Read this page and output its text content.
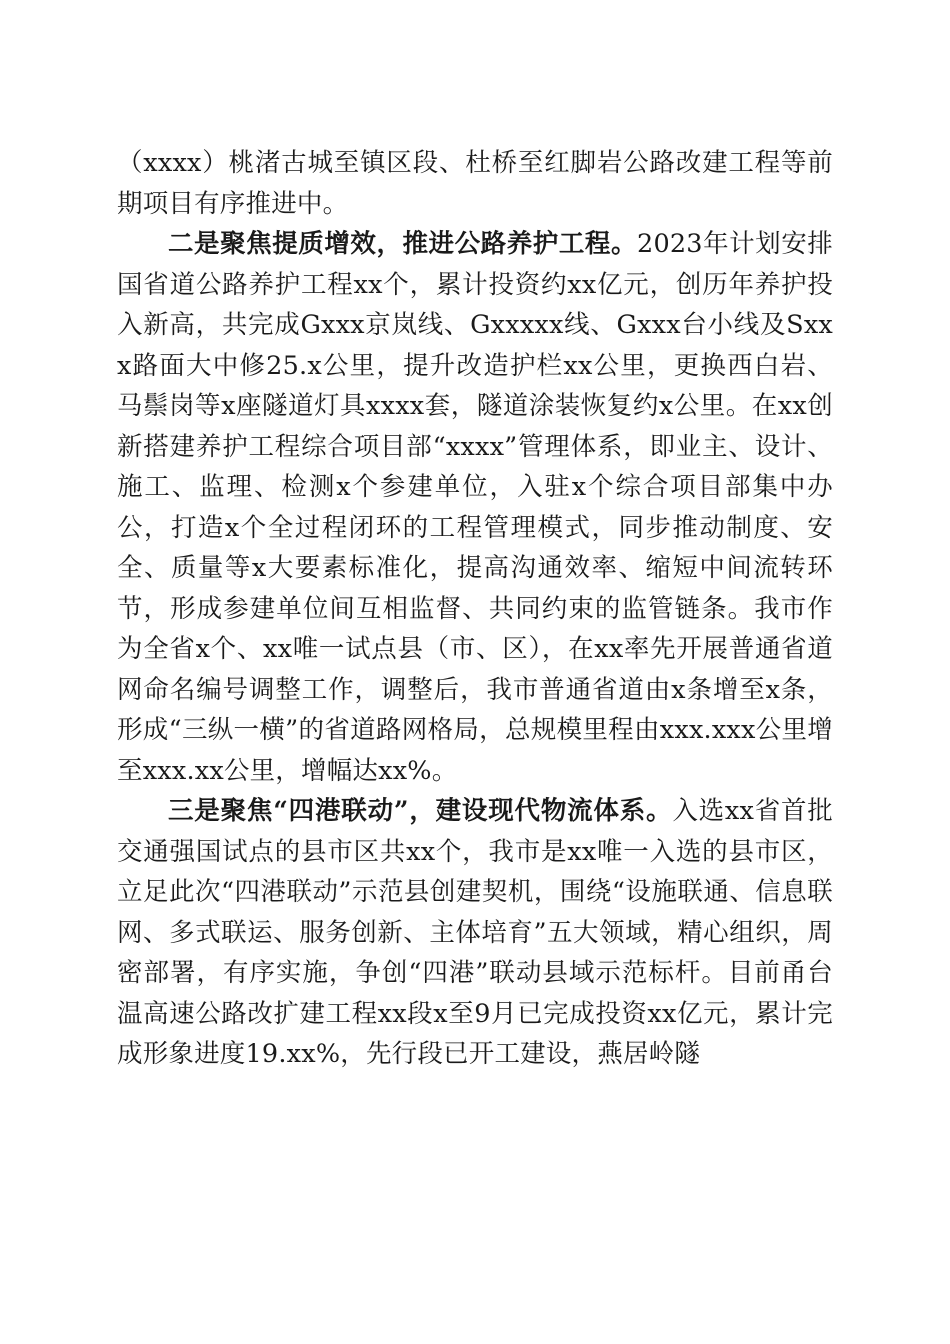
（xxxx）桃渚古城至镇区段、杜桥至红脚岩公路改建工程等前期项目有序推进中。

二是聚焦提质增效，推进公路养护工程。2023年计划安排国省道公路养护工程xx个，累计投资约xx亿元，创历年养护投入新高，共完成Gxxx京岚线、Gxxxxx线、Gxxx台小线及Sxxx路面大中修25.x公里，提升改造护栏xx公里，更换西白岩、马鬃岗等x座隧道灯具xxxx套，隧道涂装恢复约x公里。在xx创新搭建养护工程综合项目部“xxxx”管理体系，即业主、设计、施工、监理、检测x个参建单位，入驻x个综合项目部集中办公，打造x个全过程闭环的工程管理模式，同步推动制度、安全、质量等x大要素标准化，提高沟通效率、缩短中间流转环节，形成参建单位间互相监督、共同约束的监管链条。我市作为全省x个、xx唯一试点县（市、区），在xx率先开展普通省道网命名编号调整工作，调整后，我市普通省道由x条增至x条，形成“三纵一横”的省道路网格局，总规模里程由xxx.xxx公里增至xxx.xx公里，增幅达xx%。

三是聚焦“四港联动”，建设现代物流体系。入选xx省首批交通强国试点的县市区共xx个，我市是xx唯一入选的县市区，立足此次“四港联动”示范县创建契机，围绕“设施联通、信息联网、多式联运、服务创新、主体培育”五大领域，精心组织，周密部署，有序实施，争创“四港”联动县域示范标杆。目前甬台温高速公路改扩建工程xx段x至9月已完成投资xx亿元，累计完成形象进度19.xx%，先行段已开工建设，燕居岭隧
